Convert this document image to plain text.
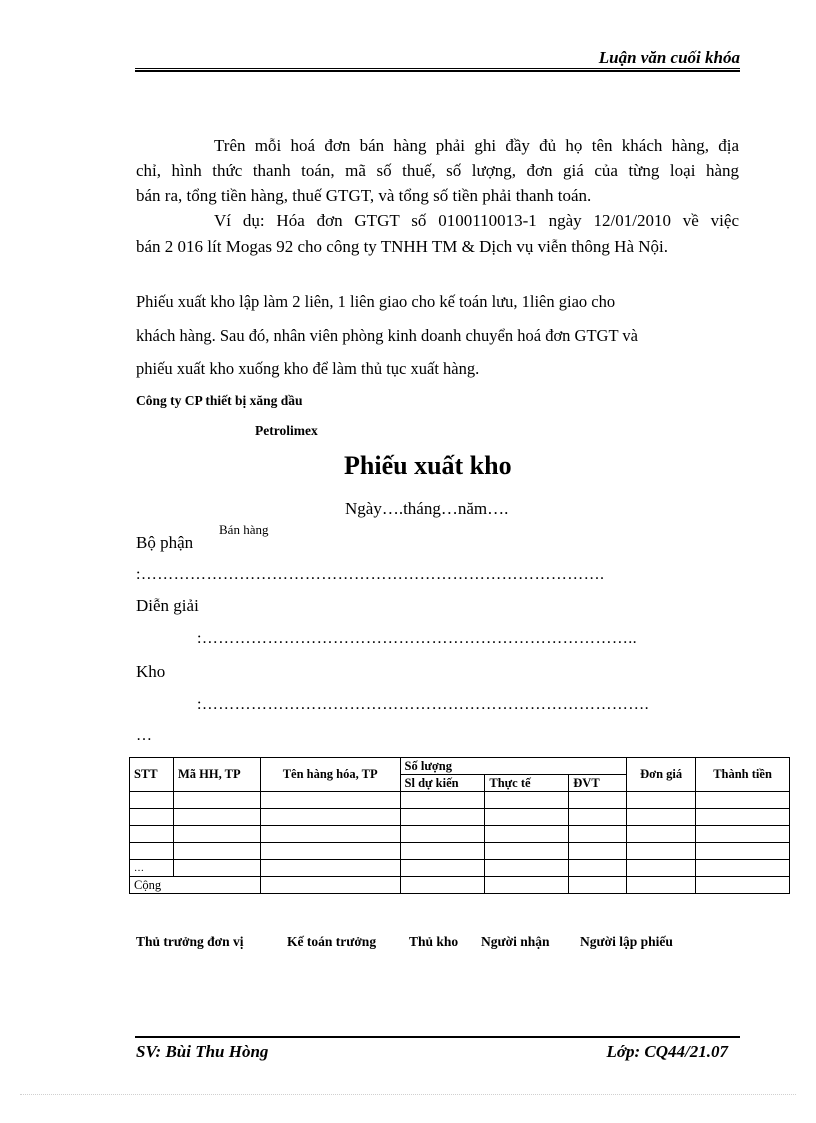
Luận văn cuối khóa
Trên mỗi hoá đơn bán hàng phải ghi đầy đủ họ tên khách hàng, địa
chỉ, hình thức thanh toán, mã số thuế, số lượng, đơn giá của từng loại hàng
bán ra, tổng tiền hàng, thuế GTGT, và tổng số tiền phải thanh toán.
Ví dụ: Hóa đơn GTGT số 0100110013-1 ngày 12/01/2010 về việc
bán 2 016 lít Mogas 92 cho công ty TNHH TM & Dịch vụ viễn thông Hà Nội.
Phiếu xuất kho lập làm 2 liên, 1 liên giao cho kế toán lưu, 1liên giao cho
khách hàng. Sau đó, nhân viên phòng kinh doanh chuyển hoá đơn GTGT và
phiếu xuất kho xuống kho để làm thủ tục xuất hàng.
Công ty CP thiết bị xăng dầu
Petrolimex
Phiếu xuất kho
Ngày….tháng…năm….
Bộ phận
Bán hàng
:………………………………………………………………………….
Diễn giải
:……………………………………………………………………..
Kho
:……………………………………………………………………….
…
STT	Mã HH, TP	Tên hàng hóa, TP	Số lượng			Đơn giá	Thành tiền
			Sl dự kiến	Thực tế	ĐVT		

…							
Cộng							
Thủ trưởng đơn vị	Kế toán trưởng Thủ kho Người nhận Người lập phiếu
SV: Bùi Thu Hòng	Lớp: CQ44/21.07
